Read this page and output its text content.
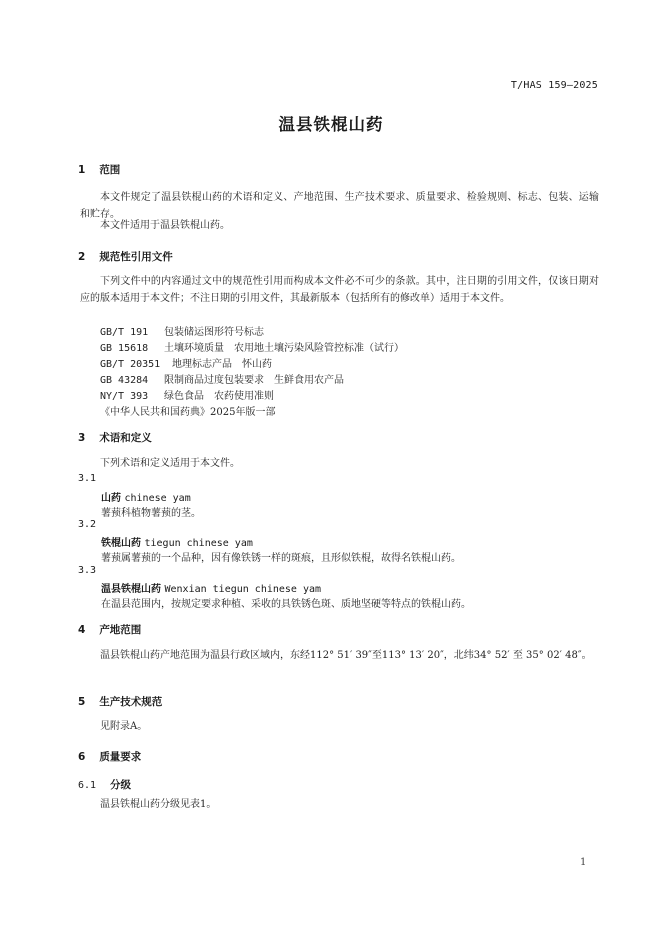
T/HAS 159—2025
温县铁棍山药
1 范围
本文件规定了温县铁棍山药的术语和定义、产地范围、生产技术要求、质量要求、检验规则、标志、包装、运输和贮存。
本文件适用于温县铁棍山药。
2 规范性引用文件
下列文件中的内容通过文中的规范性引用而构成本文件必不可少的条款。其中，注日期的引用文件，仅该日期对应的版本适用于本文件；不注日期的引用文件，其最新版本（包括所有的修改单）适用于本文件。
GB/T 191 包装储运图形符号标志
GB 15618 土壤环境质量　农用地土壤污染风险管控标准（试行）
GB/T 20351 地理标志产品　怀山药
GB 43284 限制商品过度包装要求　生鲜食用农产品
NY/T 393 绿色食品　农药使用准则
《中华人民共和国药典》2025年版一部
3 术语和定义
下列术语和定义适用于本文件。
3.1
山药 chinese yam
薯蓣科植物薯蓣的茎。
3.2
铁棍山药 tiegun chinese yam
薯蓣属薯蓣的一个品种，因有像铁锈一样的斑痕，且形似铁棍，故得名铁棍山药。
3.3
温县铁棍山药 Wenxian tiegun chinese yam
在温县范围内，按规定要求种植、采收的具铁锈色斑、质地坚硬等特点的铁棍山药。
4 产地范围
温县铁棍山药产地范围为温县行政区域内，东经112° 51′ 39″至113° 13′ 20″，北纬34° 52′ 至 35° 02′ 48″。
5 生产技术规范
见附录A。
6 质量要求
6.1 分级
温县铁棍山药分级见表1。
1
